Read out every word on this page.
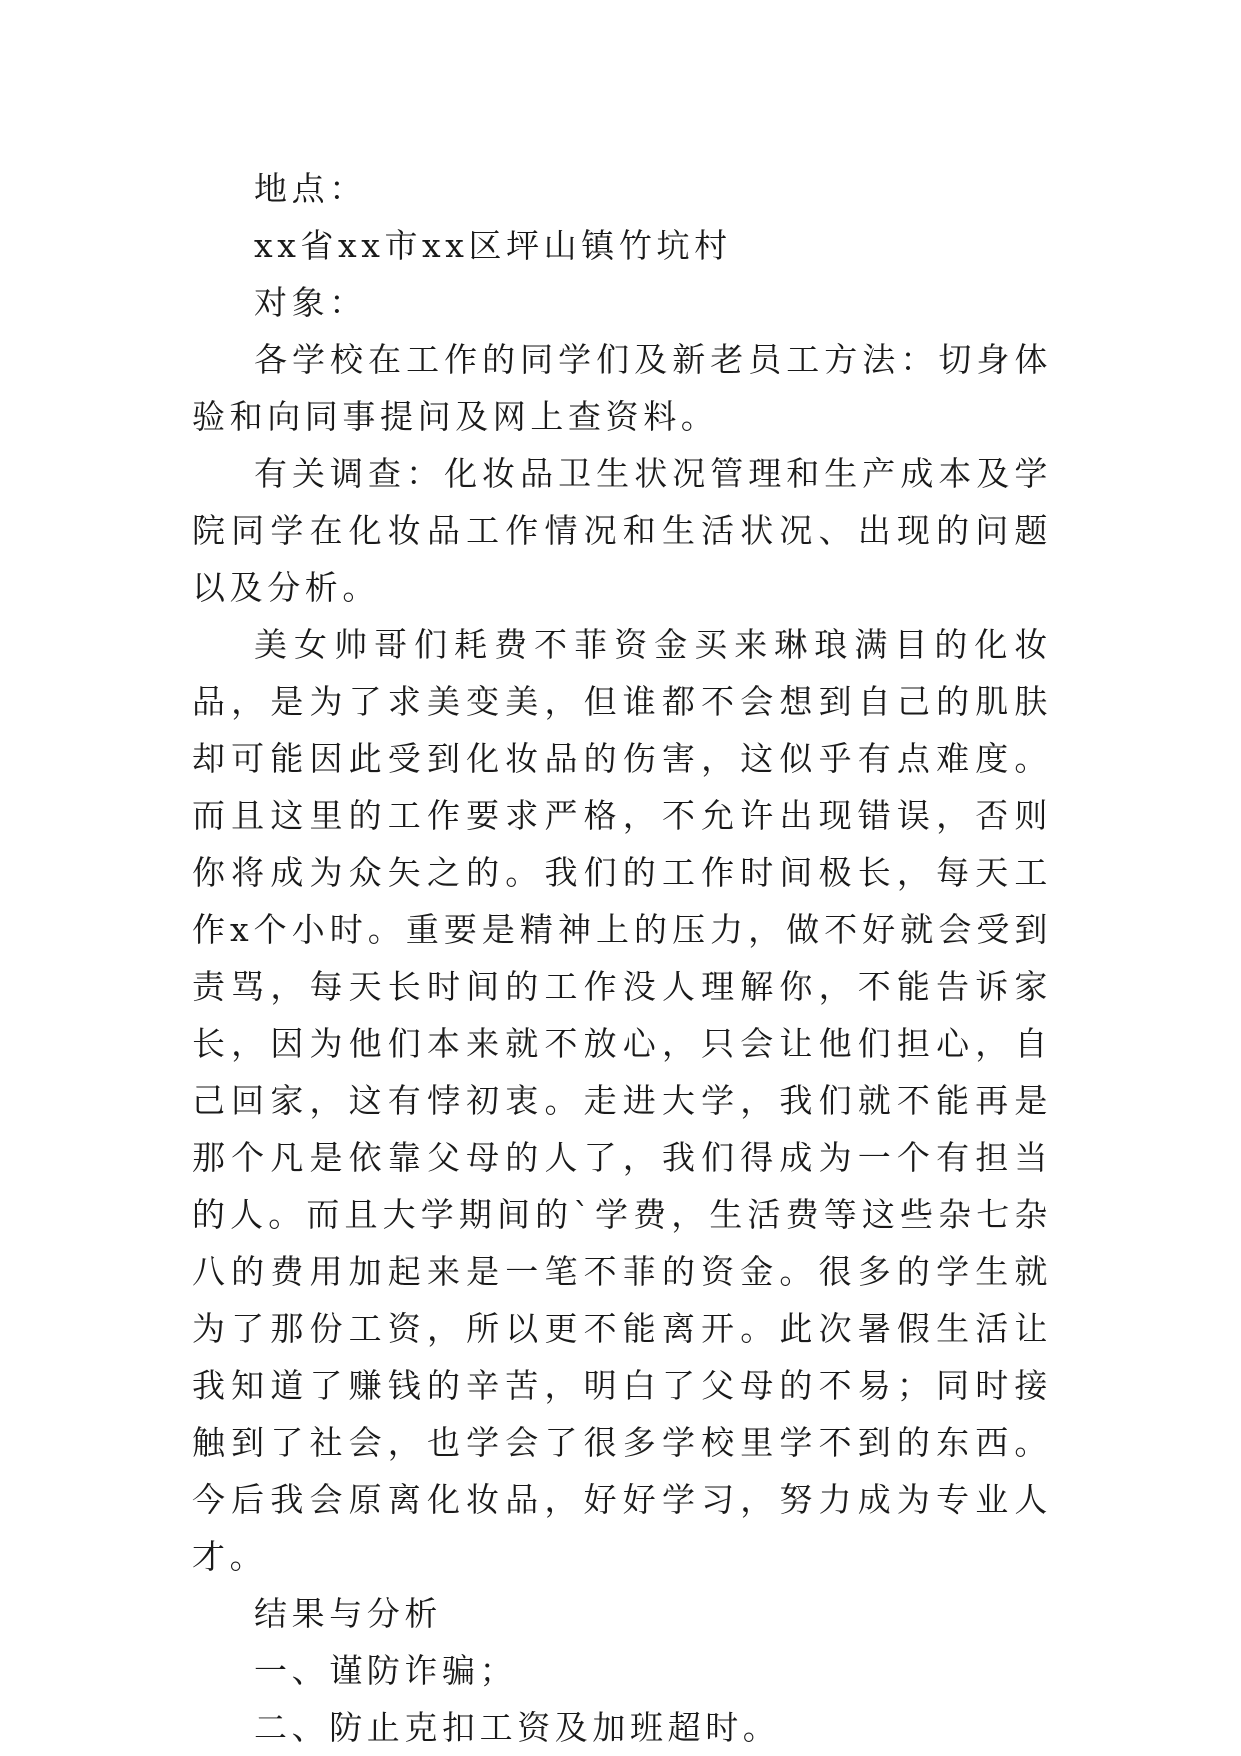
地点：

xx省xx市xx区坪山镇竹坑村

对象：

各学校在工作的同学们及新老员工方法：切身体验和向同事提问及网上查资料。

有关调查：化妆品卫生状况管理和生产成本及学院同学在化妆品工作情况和生活状况、出现的问题以及分析。

美女帅哥们耗费不菲资金买来琳琅满目的化妆品，是为了求美变美，但谁都不会想到自己的肌肤却可能因此受到化妆品的伤害，这似乎有点难度。而且这里的工作要求严格，不允许出现错误，否则你将成为众矢之的。我们的工作时间极长，每天工作x个小时。重要是精神上的压力，做不好就会受到责骂，每天长时间的工作没人理解你，不能告诉家长，因为他们本来就不放心，只会让他们担心，自己回家，这有悖初衷。走进大学，我们就不能再是那个凡是依靠父母的人了，我们得成为一个有担当的人。而且大学期间的`学费，生活费等这些杂七杂八的费用加起来是一笔不菲的资金。很多的学生就为了那份工资，所以更不能离开。此次暑假生活让我知道了赚钱的辛苦，明白了父母的不易；同时接触到了社会，也学会了很多学校里学不到的东西。今后我会原离化妆品，好好学习，努力成为专业人才。

结果与分析

一、谨防诈骗；

二、防止克扣工资及加班超时。
